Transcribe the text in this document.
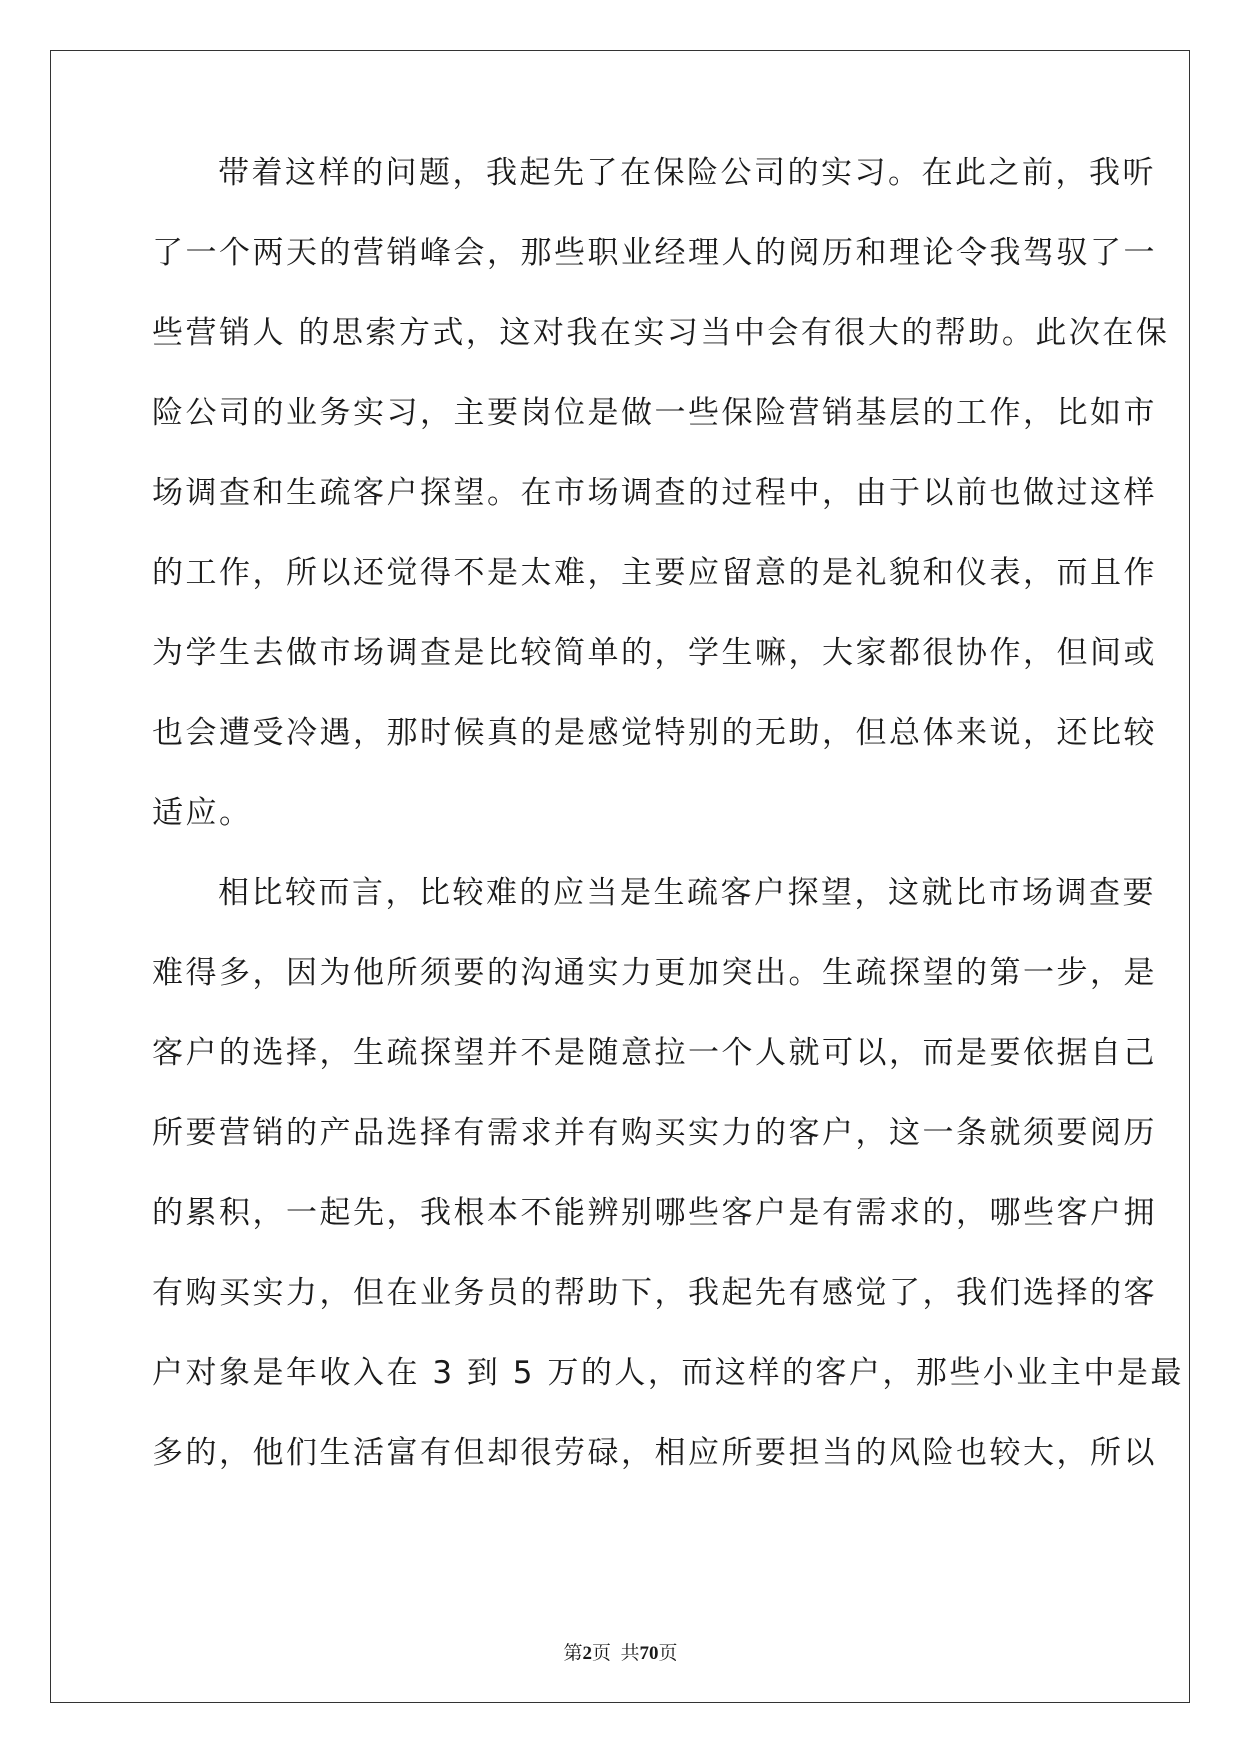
带着这样的问题，我起先了在保险公司的实习。在此之前，我听
了一个两天的营销峰会，那些职业经理人的阅历和理论令我驾驭了一
些营销人 的思索方式，这对我在实习当中会有很大的帮助。此次在保
险公司的业务实习，主要岗位是做一些保险营销基层的工作，比如市
场调查和生疏客户探望。在市场调查的过程中，由于以前也做过这样
的工作，所以还觉得不是太难，主要应留意的是礼貌和仪表，而且作
为学生去做市场调查是比较简单的，学生嘛，大家都很协作，但间或
也会遭受冷遇，那时候真的是感觉特别的无助，但总体来说，还比较
适应。
相比较而言，比较难的应当是生疏客户探望，这就比市场调查要
难得多，因为他所须要的沟通实力更加突出。生疏探望的第一步，是
客户的选择，生疏探望并不是随意拉一个人就可以，而是要依据自己
所要营销的产品选择有需求并有购买实力的客户，这一条就须要阅历
的累积，一起先，我根本不能辨别哪些客户是有需求的，哪些客户拥
有购买实力，但在业务员的帮助下，我起先有感觉了，我们选择的客
户对象是年收入在 3 到 5 万的人，而这样的客户，那些小业主中是最
多的，他们生活富有但却很劳碌，相应所要担当的风险也较大，所以
第2页  共70页
